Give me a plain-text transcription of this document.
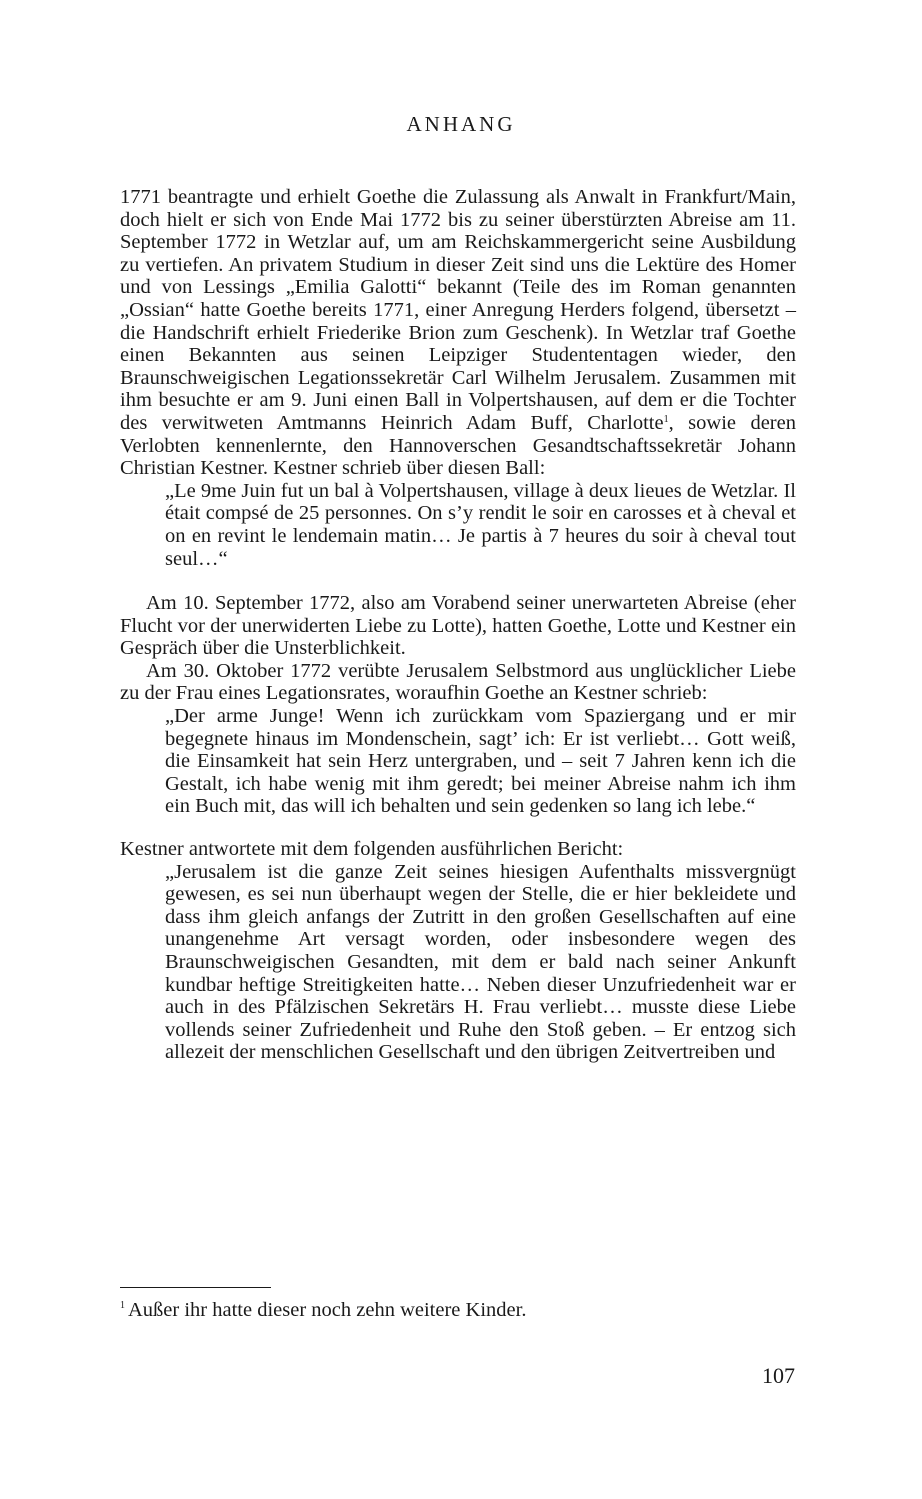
ANHANG

1771 beantragte und erhielt Goethe die Zulassung als Anwalt in Frankfurt/Main, doch hielt er sich von Ende Mai 1772 bis zu seiner überstürzten Abreise am 11. September 1772 in Wetzlar auf, um am Reichskammergericht seine Ausbildung zu vertiefen. An privatem Studium in dieser Zeit sind uns die Lektüre des Homer und von Lessings „Emilia Galotti“ bekannt (Teile des im Roman genannten „Ossian“ hatte Goethe bereits 1771, einer Anregung Herders folgend, übersetzt – die Handschrift erhielt Friederike Brion zum Geschenk). In Wetzlar traf Goethe einen Bekannten aus seinen Leipziger Studententagen wieder, den Braunschweigischen Legationssekretär Carl Wilhelm Jerusalem. Zusammen mit ihm besuchte er am 9. Juni einen Ball in Volpertshausen, auf dem er die Tochter des verwitweten Amtmanns Heinrich Adam Buff, Charlotte$^1$, sowie deren Verlobten kennenlernte, den Hannoverschen Gesandtschaftssekretär Johann Christian Kestner. Kestner schrieb über diesen Ball:

„Le 9me Juin fut un bal à Volpertshausen, village à deux lieues de Wetzlar. Il était compsé de 25 personnes. On s’y rendit le soir en carosses et à cheval et on en revint le lendemain matin… Je partis à 7 heures du soir à cheval tout seul…“

Am 10. September 1772, also am Vorabend seiner unerwarteten Abreise (eher Flucht vor der unerwiderten Liebe zu Lotte), hatten Goethe, Lotte und Kestner ein Gespräch über die Unsterblichkeit.

Am 30. Oktober 1772 verübte Jerusalem Selbstmord aus unglücklicher Liebe zu der Frau eines Legationsrates, woraufhin Goethe an Kestner schrieb:

„Der arme Junge! Wenn ich zurückkam vom Spaziergang und er mir begegnete hinaus im Mondenschein, sagt’ ich: Er ist verliebt… Gott weiß, die Einsamkeit hat sein Herz untergraben, und – seit 7 Jahren kenn ich die Gestalt, ich habe wenig mit ihm geredt; bei meiner Abreise nahm ich ihm ein Buch mit, das will ich behalten und sein gedenken so lang ich lebe.“

Kestner antwortete mit dem folgenden ausführlichen Bericht:

„Jerusalem ist die ganze Zeit seines hiesigen Aufenthalts missvergnügt gewesen, es sei nun überhaupt wegen der Stelle, die er hier bekleidete und dass ihm gleich anfangs der Zutritt in den großen Gesellschaften auf eine unangenehme Art versagt worden, oder insbesondere wegen des Braunschweigischen Gesandten, mit dem er bald nach seiner Ankunft kundbar heftige Streitigkeiten hatte… Neben dieser Unzufriedenheit war er auch in des Pfälzischen Sekretärs H. Frau verliebt… musste diese Liebe vollends seiner Zufriedenheit und Ruhe den Stoß geben. – Er entzog sich allezeit der menschlichen Gesellschaft und den übrigen Zeitvertreiben und

$^1$ Außer ihr hatte dieser noch zehn weitere Kinder.
107
